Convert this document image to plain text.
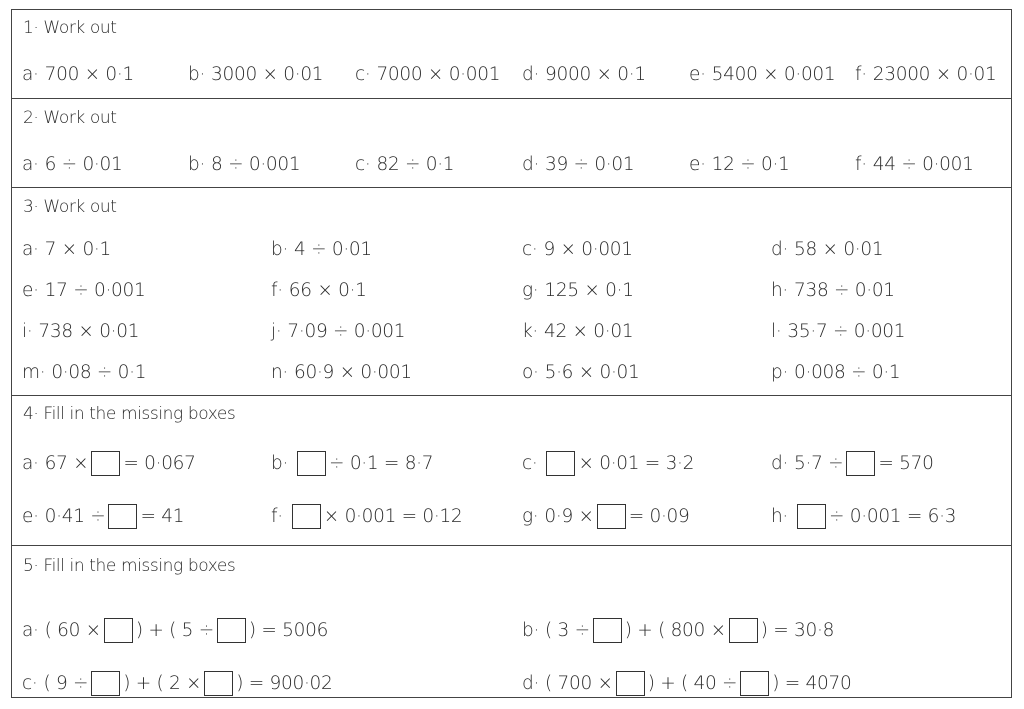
1· Work out
a· 700 × 0·1	b· 3000 × 0·01 c· 7000 × 0·001 d· 9000 × 0·1 e· 5400 × 0·001 f· 23000 × 0·01
2· Work out
a· 6 ÷ 0·01	b· 8 ÷ 0·001	c· 82 ÷ 0·1	d· 39 ÷ 0·01	e· 12 ÷ 0·1	f· 44 ÷ 0·001
3· Work out
a· 7 × 0·1	b· 4 ÷ 0·01	c· 9 × 0·001	d· 58 × 0·01
e· 17 ÷ 0·001	f· 66 × 0·1	g· 125 × 0·1	h· 738 ÷ 0·01
i· 738 × 0·01	j· 7·09 ÷ 0·001	k· 42 × 0·01	l· 35·7 ÷ 0·001
m· 0·08 ÷ 0·1	n· 60·9 × 0·001	o· 5·6 × 0·01	p· 0·008 ÷ 0·1
4· Fill in the missing boxes
a· 67 × = 0·067	b· ÷ 0·1 = 8·7	c· × 0·01 = 3·2	d· 5·7 ÷ = 570
e· 0·41 ÷ = 41	f· × 0·001 = 0·12	g· 0·9 × = 0·09	h· ÷ 0·001 = 6·3
5· Fill in the missing boxes
a· ( 60 × ) + ( 5 ÷ ) = 5006	b· ( 3 ÷ ) + ( 800 × ) = 30·8
c· ( 9 ÷ ) + ( 2 × ) = 900·02	d· ( 700 × ) + ( 40 ÷ ) = 4070
